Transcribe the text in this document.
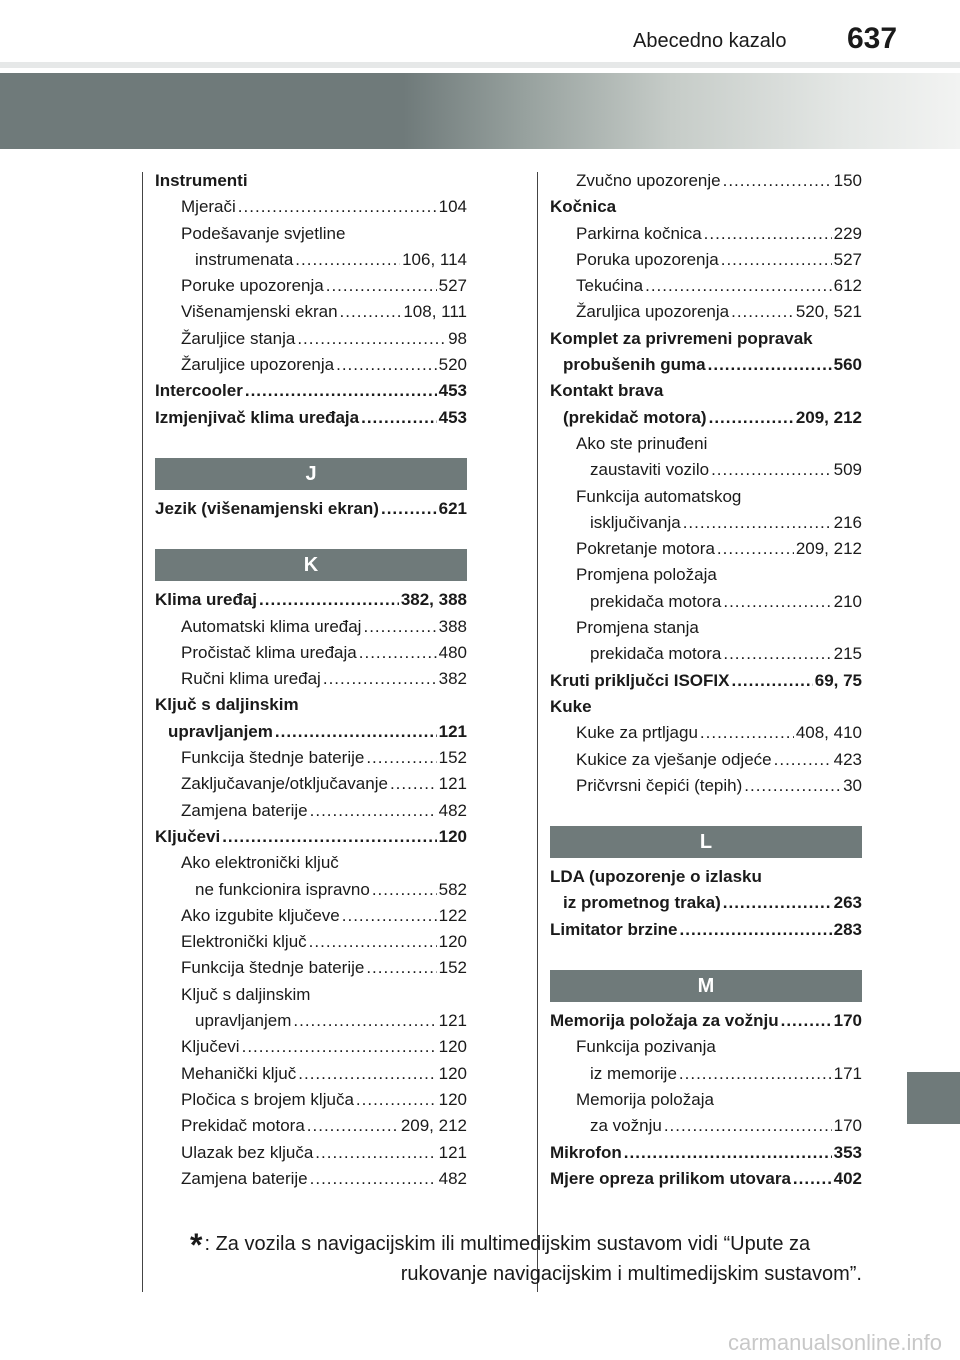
Abecedno kazalo 637
Instrumenti
Mjerači .....	104
Podešavanje svjetline
instrumenata .....	106, 114
Poruke upozorenja .....	527
Višenamjenski ekran .....	108, 111
Žaruljice stanja .....	98
Žaruljice upozorenja .....	520
Intercooler .....	453
Izmjenjivač klima uređaja .....	453
J
Jezik (višenamjenski ekran) .....	621
K
Klima uređaj .....	382, 388
Automatski klima uređaj .....	388
Pročistač klima uređaja .....	480
Ručni klima uređaj .....	382
Ključ s daljinskim
upravljanjem .....	121
Funkcija štednje baterije .....	152
Zaključavanje/otključavanje .....	121
Zamjena baterije .....	482
Ključevi .....	120
Ako elektronički ključ
ne funkcionira ispravno .....	582
Ako izgubite ključeve .....	122
Elektronički ključ .....	120
Funkcija štednje baterije .....	152
Ključ s daljinskim
upravljanjem .....	121
Ključevi .....	120
Mehanički ključ .....	120
Pločica s brojem ključa .....	120
Prekidač motora .....	209, 212
Ulazak bez ključa .....	121
Zamjena baterije .....	482
Zvučno upozorenje .....	150
Kočnica
Parkirna kočnica .....	229
Poruka upozorenja .....	527
Tekućina .....	612
Žaruljica upozorenja .....	520, 521
Komplet za privremeni popravak
probušenih guma .....	560
Kontakt brava
(prekidač motora) .....	209, 212
Ako ste prinuđeni
zaustaviti vozilo .....	509
Funkcija automatskog
isključivanja .....	216
Pokretanje motora .....	209, 212
Promjena položaja
prekidača motora .....	210
Promjena stanja
prekidača motora .....	215
Kruti priključci ISOFIX .....	69, 75
Kuke
Kuke za prtljagu .....	408, 410
Kukice za vješanje odjeće .....	423
Pričvrsni čepići (tepih) .....	30
L
LDA (upozorenje o izlasku
iz prometnog traka) .....	263
Limitator brzine .....	283
M
Memorija položaja za vožnju .....	170
Funkcija pozivanja
iz memorije .....	171
Memorija položaja
za vožnju .....	170
Mikrofon .....	353
Mjere opreza prilikom utovara .....	402
* : Za vozila s navigacijskim ili multimedijskim sustavom vidi “Upute za
rukovanje navigacijskim i multimedijskim sustavom”.
carmanualsonline.info
